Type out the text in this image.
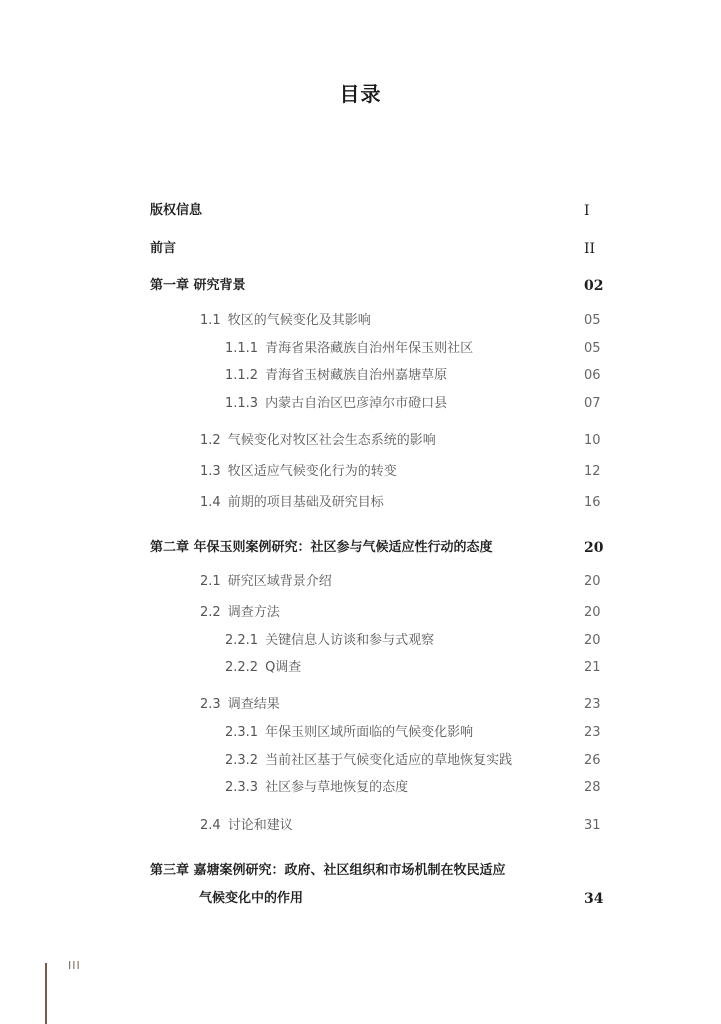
目录
版权信息	I
前言	II
第一章 研究背景	02
1.1 牧区的气候变化及其影响	05
1.1.1 青海省果洛藏族自治州年保玉则社区	05
1.1.2 青海省玉树藏族自治州嘉塘草原	06
1.1.3 内蒙古自治区巴彦淖尔市磴口县	07
1.2 气候变化对牧区社会生态系统的影响	10
1.3 牧区适应气候变化行为的转变	12
1.4 前期的项目基础及研究目标	16
第二章 年保玉则案例研究：社区参与气候适应性行动的态度	20
2.1 研究区域背景介绍	20
2.2 调查方法	20
2.2.1 关键信息人访谈和参与式观察	20
2.2.2 Q调查	21
2.3 调查结果	23
2.3.1 年保玉则区域所面临的气候变化影响	23
2.3.2 当前社区基于气候变化适应的草地恢复实践	26
2.3.3 社区参与草地恢复的态度	28
2.4 讨论和建议	31
第三章 嘉塘案例研究：政府、社区组织和市场机制在牧民适应
气候变化中的作用	34
III
